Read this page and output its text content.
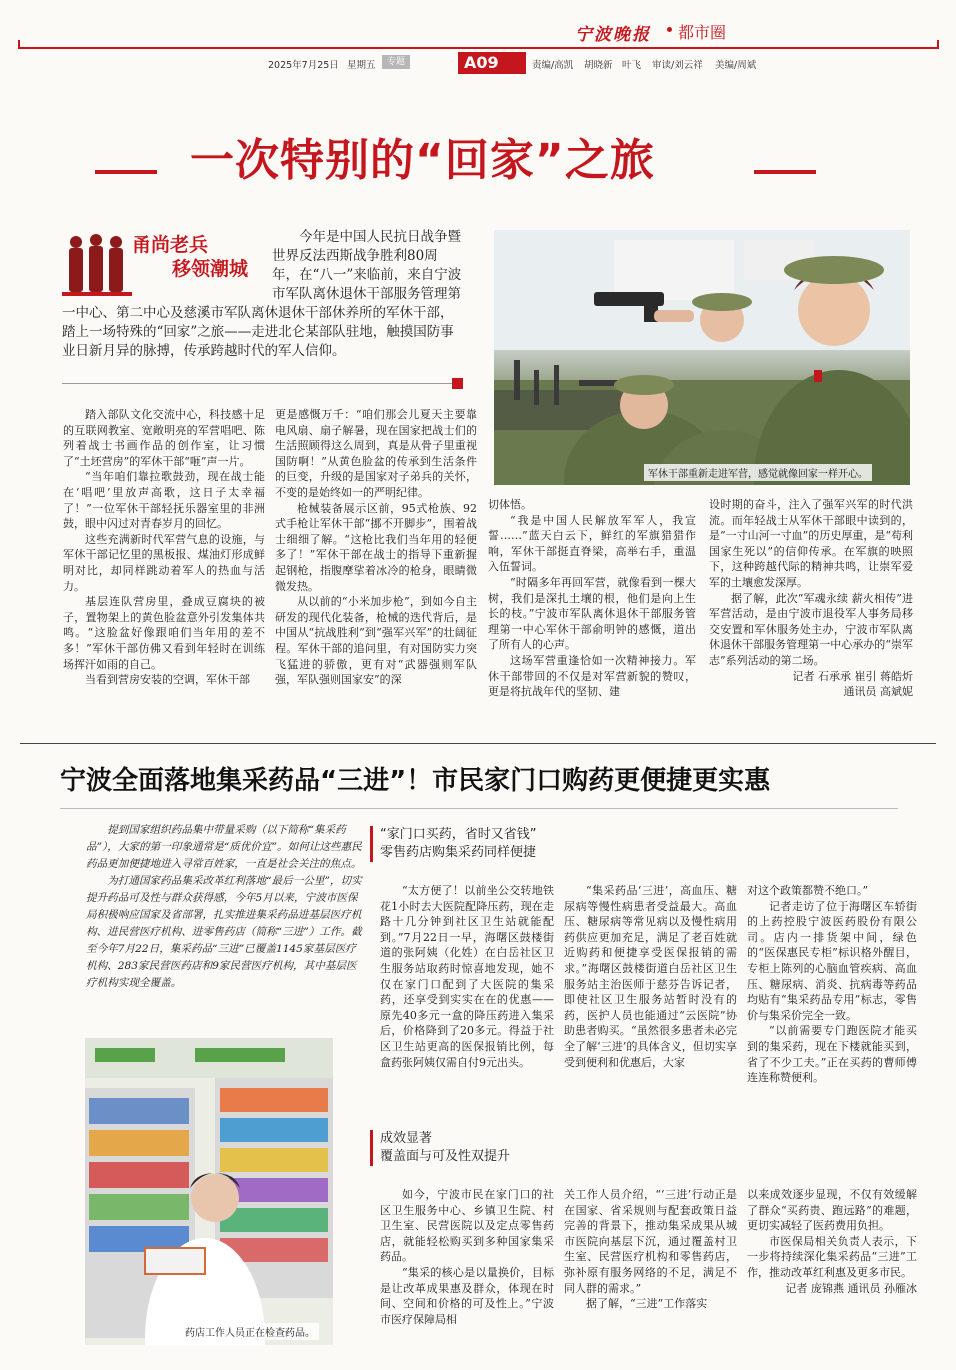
宁波晚报 都市圈
2025年7月25日 星期五	专题	A09	责编/高凯 胡晓新 叶飞 审读/刘云祥 美编/周斌
一次特别的“回家”之旅
甬尚老兵
移领潮城
今年是中国人民抗日战争暨世界反法西斯战争胜利80周年，在“八一”来临前，来自宁波市军队离休退休干部服务管理第一中心、第二中心及慈溪市军队离休退休干部休养所的军休干部，踏上一场特殊的“回家”之旅——走进北仑某部队驻地，触摸国防事业日新月异的脉搏，传承跨越时代的军人信仰。
军休干部重新走进军营，感觉就像回家一样开心。

踏入部队文化交流中心，科技感十足的互联网教室、宽敞明亮的军营唱吧、陈列着战士书画作品的创作室，让习惯了“土坯营房”的军休干部“咂”声一片。

“当年咱们靠拉歌鼓劲，现在战士能在‘唱吧’里放声高歌，这日子太幸福了！”一位军休干部轻抚乐器室里的非洲鼓，眼中闪过对青春岁月的回忆。

这些充满新时代军营气息的设施，与军休干部记忆里的黑板报、煤油灯形成鲜明对比，却同样跳动着军人的热血与活力。

基层连队营房里，叠成豆腐块的被子，置物架上的黄色脸盆意外引发集体共鸣。“这脸盆好像跟咱们当年用的差不多！”军休干部仿佛又看到年轻时在训练场挥汗如雨的自己。

当看到营房安装的空调，军休干部

更是感慨万千：“咱们那会儿夏天主要靠电风扇、扇子解暑，现在国家把战士们的生活照顾得这么周到，真是从骨子里重视国防啊！”从黄色脸盆的传承到生活条件的巨变，升级的是国家对子弟兵的关怀，不变的是始终如一的严明纪律。

枪械装备展示区前，95式枪族、92式手枪让军休干部“挪不开脚步”，围着战士细细了解。“这枪比我们当年用的轻便多了！”军休干部在战士的指导下重新握起钢枪，指腹摩挲着冰冷的枪身，眼睛微微发热。

从以前的“小米加步枪”，到如今自主研发的现代化装备，枪械的迭代背后，是中国从“抗战胜利”到“强军兴军”的壮阔征程。军休干部的追问里，有对国防实力突飞猛进的骄傲，更有对“武器强则军队强，军队强则国家安”的深

切体悟。

“我是中国人民解放军军人，我宣誓……”蓝天白云下，鲜红的军旗猎猎作响，军休干部挺直脊梁，高举右手，重温入伍誓词。

“时隔多年再回军营，就像看到一棵大树，我们是深扎土壤的根，他们是向上生长的枝。”宁波市军队离休退休干部服务管理第一中心军休干部俞明钟的感慨，道出了所有人的心声。

这场军营重逢恰如一次精神接力。军休干部带回的不仅是对军营新貌的赞叹，更是将抗战年代的坚韧、建

设时期的奋斗，注入了强军兴军的时代洪流。而年轻战士从军休干部眼中读到的，是“一寸山河一寸血”的历史厚重，是“苟利国家生死以”的信仰传承。在军旗的映照下，这种跨越代际的精神共鸣，让崇军爱军的土壤愈发深厚。

据了解，此次“军魂永续 薪火相传”进军营活动，是由宁波市退役军人事务局移交安置和军休服务处主办，宁波市军队离休退休干部服务管理第一中心承办的“崇军志”系列活动的第二场。

记者 石承承 崔引 蒋皓炘
通讯员 高斌妮
宁波全面落地集采药品“三进”！市民家门口购药更便捷更实惠

提到国家组织药品集中带量采购（以下简称“集采药品”），大家的第一印象通常是“质优价宜”。如何让这些惠民药品更加便捷地进入寻常百姓家，一直是社会关注的焦点。

为打通国家药品集采改革红利落地“最后一公里”，切实提升药品可及性与群众获得感，今年5月以来，宁波市医保局积极响应国家及省部署，扎实推进集采药品进基层医疗机构、进民营医疗机构、进零售药店（简称“三进”）工作。截至今年7月22日，集采药品“三进”已覆盖1145家基层医疗机构、283家民营医药店和9家民营医疗机构，其中基层医疗机构实现全覆盖。

药店工作人员正在检查药品。
“家门口买药，省时又省钱”
零售药店购集采药同样便捷

“太方便了！以前坐公交转地铁花1小时去大医院配降压药，现在走路十几分钟到社区卫生站就能配到。”7月22日一早，海曙区鼓楼街道的张阿姨（化姓）在白岳社区卫生服务站取药时惊喜地发现，她不仅在家门口配到了大医院的集采药，还享受到实实在在的优惠——原先40多元一盒的降压药进入集采后，价格降到了20多元。得益于社区卫生站更高的医保报销比例，每盒药张阿姨仅需自付9元出头。

“集采药品‘三进’，高血压、糖尿病等慢性病患者受益最大。高血压、糖尿病等常见病以及慢性病用药供应更加充足，满足了老百姓就近购药和便捷享受医保报销的需求。”海曙区鼓楼街道白岳社区卫生服务站主治医师于慈芬告诉记者，即使社区卫生服务站暂时没有的药，医护人员也能通过“云医院”协助患者购买。“虽然很多患者未必完全了解‘三进’的具体含义，但切实享受到便利和优惠后，大家

对这个政策都赞不绝口。”

记者走访了位于海曙区车轿街的上药控股宁波医药股份有限公司。店内一排货架中间，绿色的“医保惠民专柜”标识格外醒目，专柜上陈列的心脑血管疾病、高血压、糖尿病、消炎、抗病毒等药品均贴有“集采药品专用”标志，零售价与集采价完全一致。

“以前需要专门跑医院才能买到的集采药，现在下楼就能买到，省了不少工夫。”正在买药的曹师傅连连称赞便利。

成效显著
覆盖面与可及性双提升

如今，宁波市民在家门口的社区卫生服务中心、乡镇卫生院、村卫生室、民营医院以及定点零售药店，就能轻松购买到多种国家集采药品。

“集采的核心是以量换价，目标是让改革成果惠及群众，体现在时间、空间和价格的可及性上。”宁波市医疗保障局相

关工作人员介绍，“‘三进’行动正是在国家、省采规则与配套政策日益完善的背景下，推动集采成果从城市医院向基层下沉，通过覆盖村卫生室、民营医疗机构和零售药店，弥补原有服务网络的不足，满足不同人群的需求。”

据了解，“三进”工作落实

以来成效逐步显现，不仅有效缓解了群众“买药贵、跑远路”的难题，更切实减轻了医药费用负担。

市医保局相关负责人表示，下一步将持续深化集采药品“三进”工作，推动改革红利惠及更多市民。

记者 庞锦燕 通讯员 孙雁冰
